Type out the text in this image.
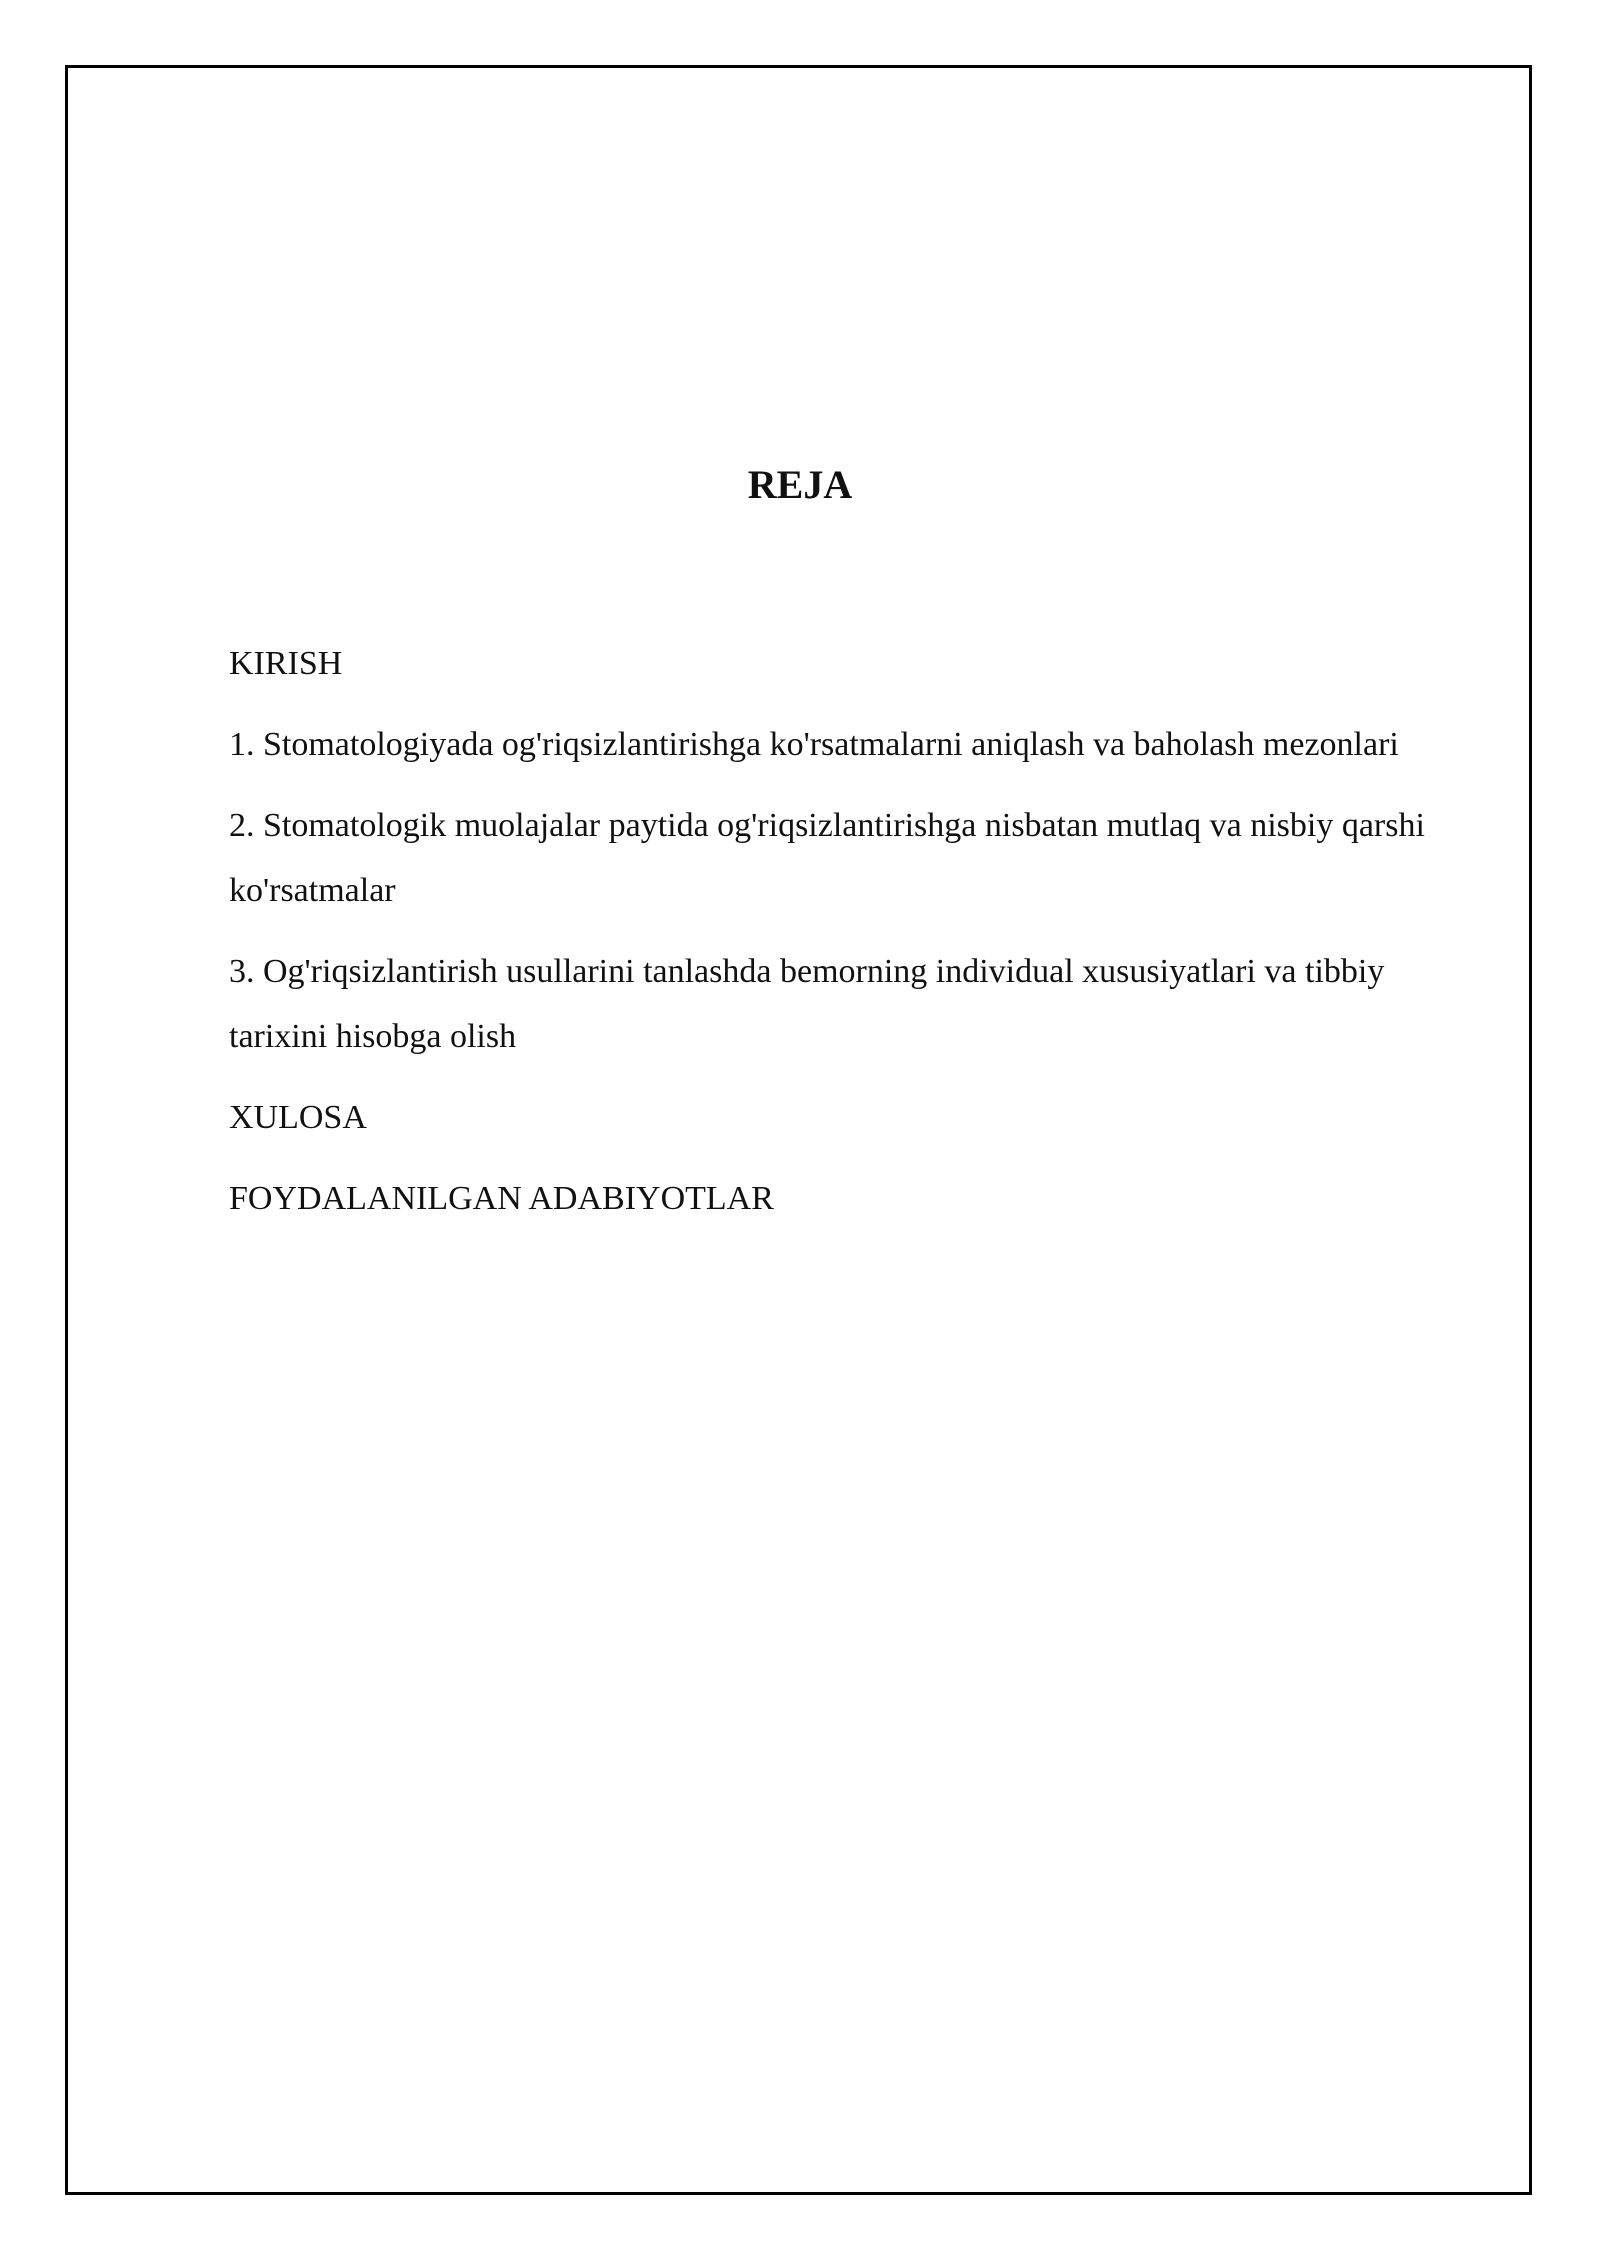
REJA
KIRISH
1. Stomatologiyada og'riqsizlantirishga ko'rsatmalarni aniqlash va baholash mezonlari
2. Stomatologik muolajalar paytida og'riqsizlantirishga nisbatan mutlaq va nisbiy qarshi ko'rsatmalar
3. Og'riqsizlantirish usullarini tanlashda bemorning individual xususiyatlari va tibbiy tarixini hisobga olish
XULOSA
FOYDALANILGAN ADABIYOTLAR
